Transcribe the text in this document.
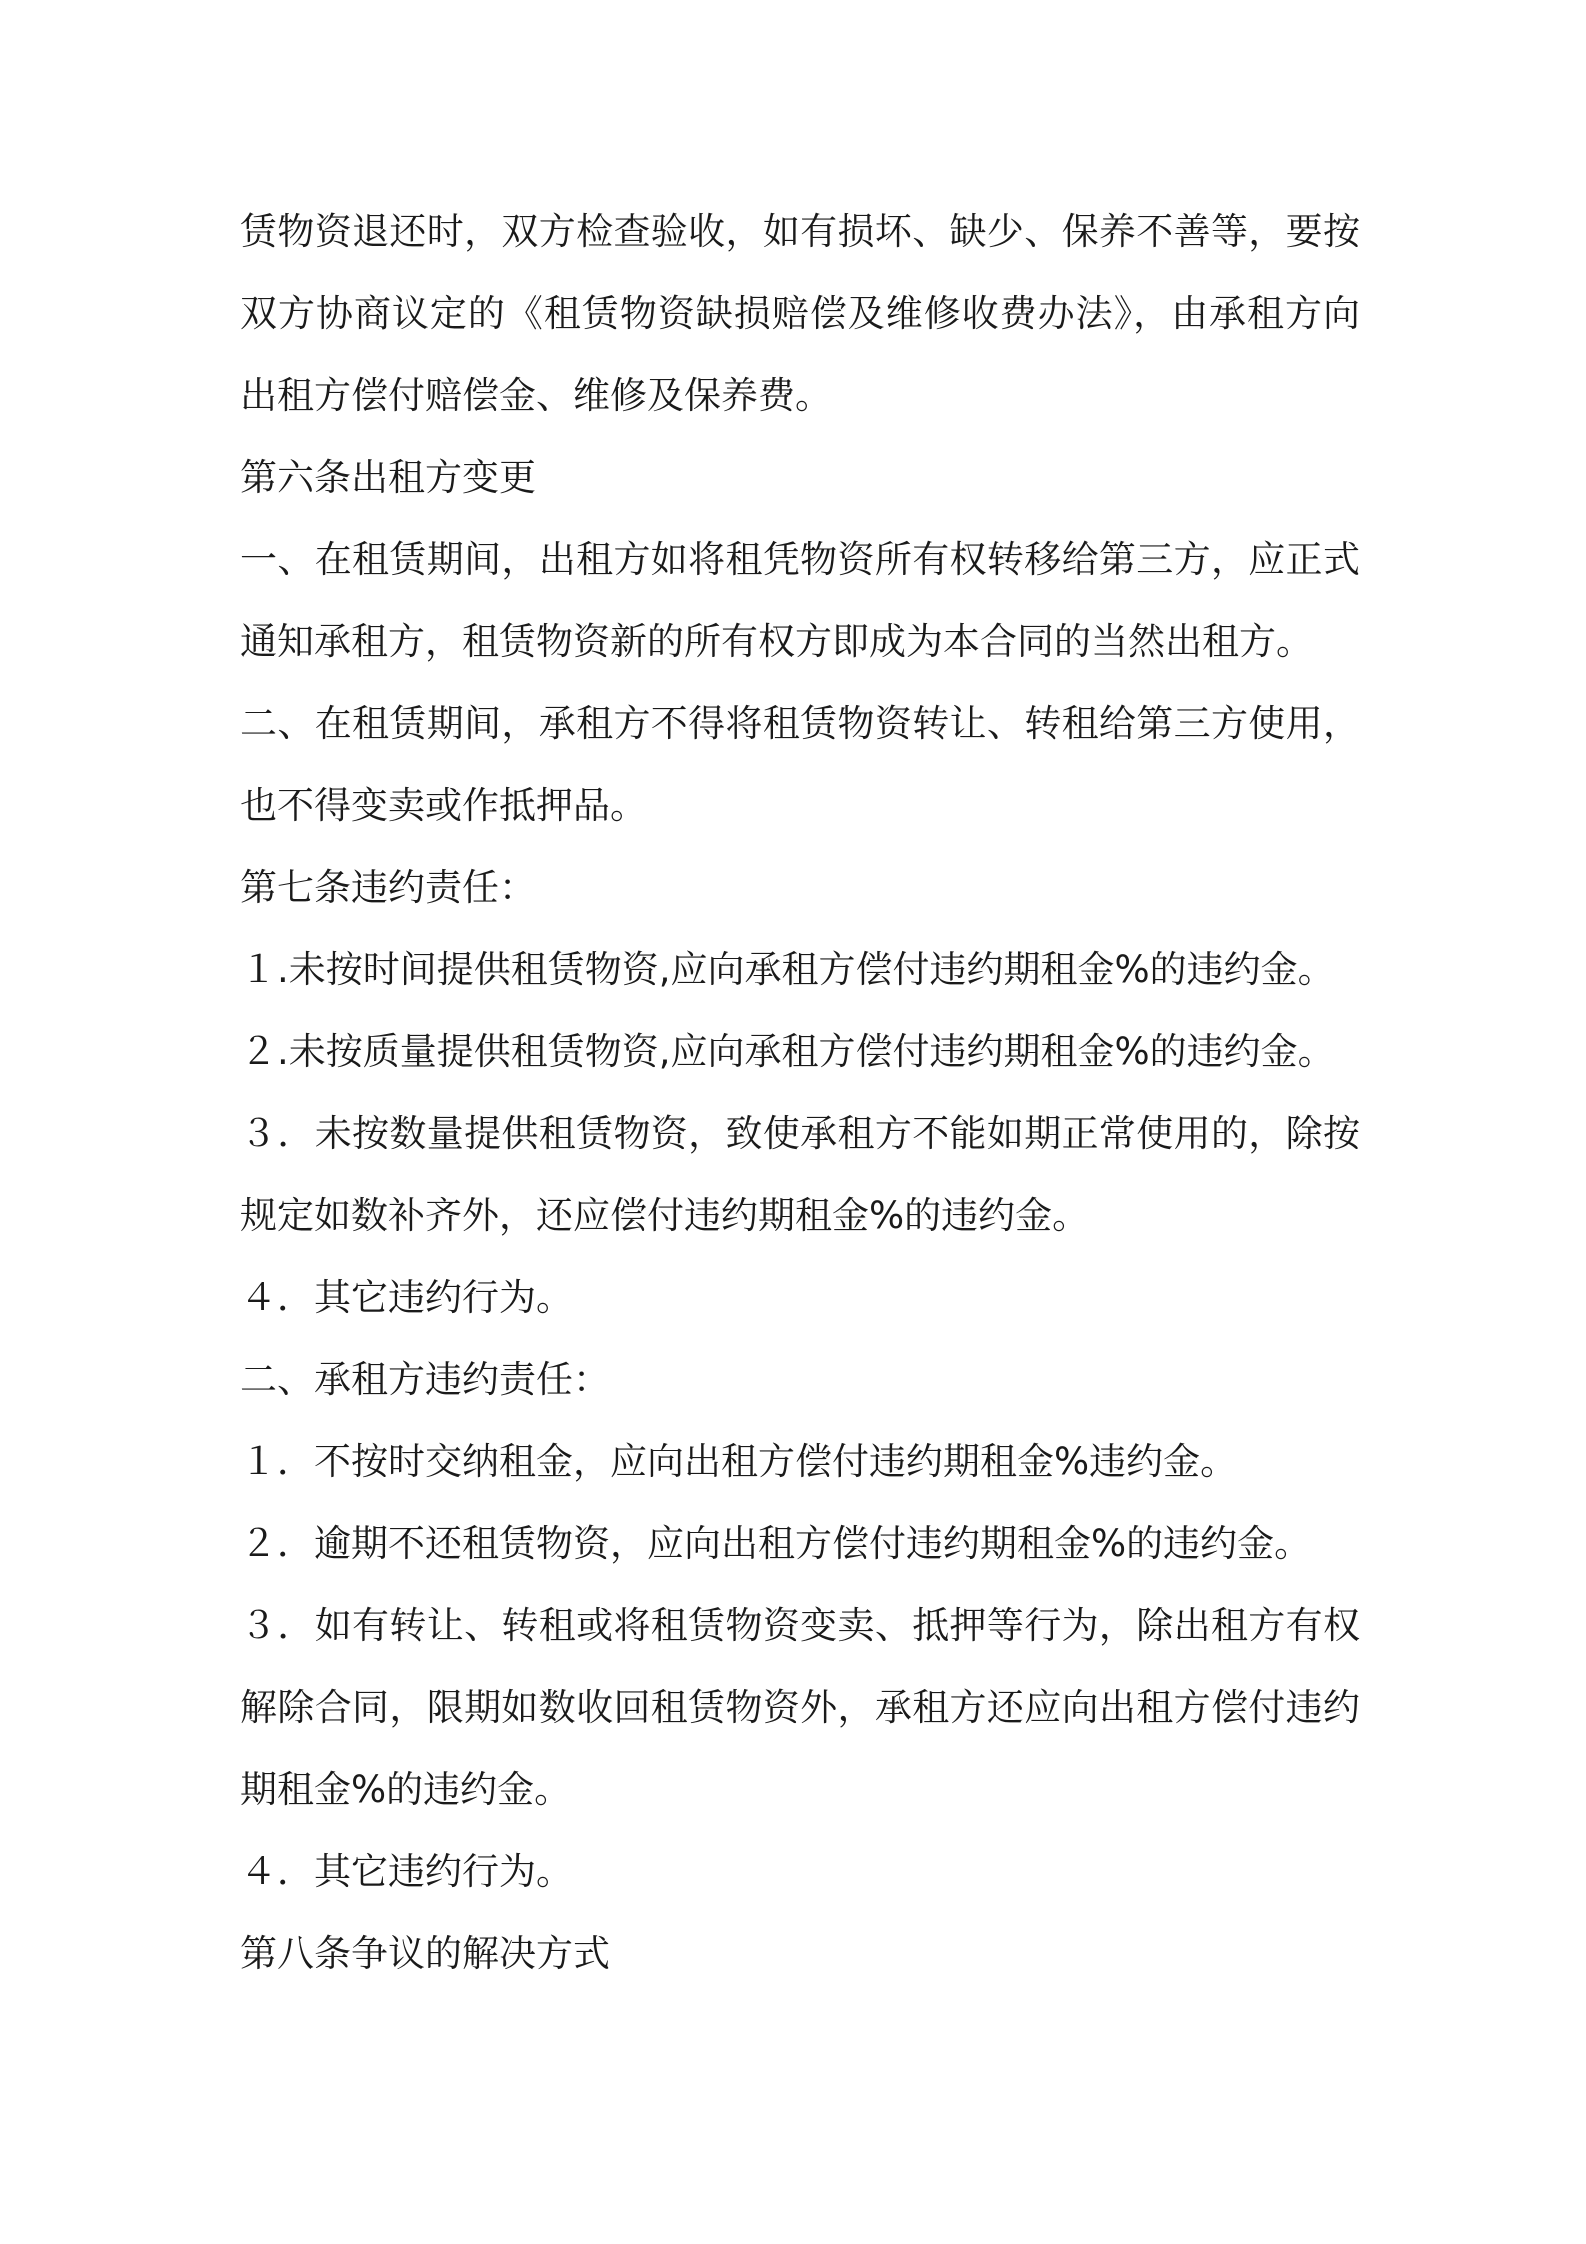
赁物资退还时，双方检查验收，如有损坏、缺少、保养不善等，要按
双方协商议定的《租赁物资缺损赔偿及维修收费办法》，由承租方向
出租方偿付赔偿金、维修及保养费。
第六条出租方变更
一、在租赁期间，出租方如将租凭物资所有权转移给第三方，应正式
通知承租方，租赁物资新的所有权方即成为本合同的当然出租方。
二、在租赁期间，承租方不得将租赁物资转让、转租给第三方使用，
也不得变卖或作抵押品。
第七条违约责任：
１.未按时间提供租赁物资,应向承租方偿付违约期租金%的违约金。
２.未按质量提供租赁物资,应向承租方偿付违约期租金%的违约金。
３．未按数量提供租赁物资，致使承租方不能如期正常使用的，除按
规定如数补齐外，还应偿付违约期租金%的违约金。
４．其它违约行为。
二、承租方违约责任：
１．不按时交纳租金，应向出租方偿付违约期租金%违约金。
２．逾期不还租赁物资，应向出租方偿付违约期租金%的违约金。
３．如有转让、转租或将租赁物资变卖、抵押等行为，除出租方有权
解除合同，限期如数收回租赁物资外，承租方还应向出租方偿付违约
期租金%的违约金。
４．其它违约行为。
第八条争议的解决方式
